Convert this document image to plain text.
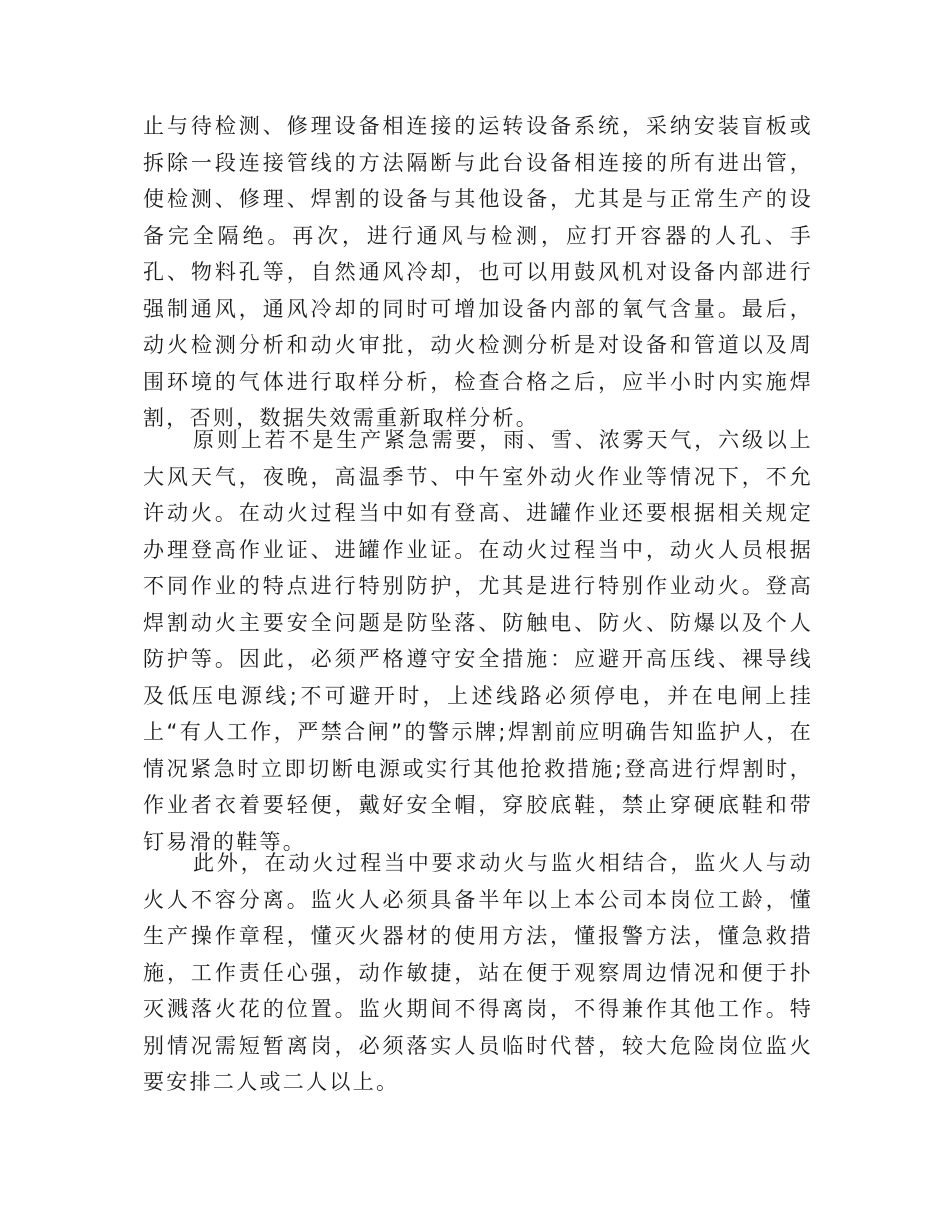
止与待检测、修理设备相连接的运转设备系统，采纳安装盲板或拆除一段连接管线的方法隔断与此台设备相连接的所有进出管，使检测、修理、焊割的设备与其他设备，尤其是与正常生产的设备完全隔绝。再次，进行通风与检测，应打开容器的人孔、手孔、物料孔等，自然通风冷却，也可以用鼓风机对设备内部进行强制通风，通风冷却的同时可增加设备内部的氧气含量。最后，动火检测分析和动火审批，动火检测分析是对设备和管道以及周围环境的气体进行取样分析，检查合格之后，应半小时内实施焊割，否则，数据失效需重新取样分析。

原则上若不是生产紧急需要，雨、雪、浓雾天气，六级以上大风天气，夜晚，高温季节、中午室外动火作业等情况下，不允许动火。在动火过程当中如有登高、进罐作业还要根据相关规定办理登高作业证、进罐作业证。在动火过程当中，动火人员根据不同作业的特点进行特别防护，尤其是进行特别作业动火。登高焊割动火主要安全问题是防坠落、防触电、防火、防爆以及个人防护等。因此，必须严格遵守安全措施：应避开高压线、裸导线及低压电源线;不可避开时，上述线路必须停电，并在电闸上挂上“有人工作，严禁合闸”的警示牌;焊割前应明确告知监护人，在情况紧急时立即切断电源或实行其他抢救措施;登高进行焊割时，作业者衣着要轻便，戴好安全帽，穿胶底鞋，禁止穿硬底鞋和带钉易滑的鞋等。

此外，在动火过程当中要求动火与监火相结合，监火人与动火人不容分离。监火人必须具备半年以上本公司本岗位工龄，懂生产操作章程，懂灭火器材的使用方法，懂报警方法，懂急救措施，工作责任心强，动作敏捷，站在便于观察周边情况和便于扑灭溅落火花的位置。监火期间不得离岗，不得兼作其他工作。特别情况需短暂离岗，必须落实人员临时代替，较大危险岗位监火要安排二人或二人以上。
